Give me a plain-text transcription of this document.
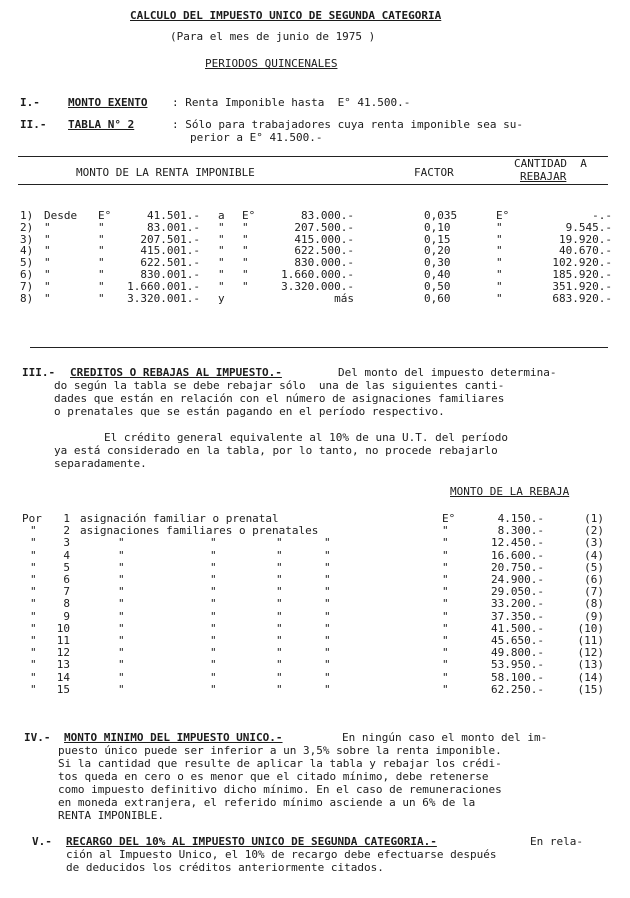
CALCULO DEL IMPUESTO UNICO DE SEGUNDA CATEGORIA
(Para el mes de junio de 1975 )
PERIODOS QUINCENALES
I.-	MONTO EXENTO : Renta Imponible hasta  E° 41.500.-
II.- TABLA N° 2	: Sólo para trabajadores cuya renta imponible sea su-
perior a E° 41.500.-
MONTO DE LA RENTA IMPONIBLE	FACTOR
CANTIDAD  A
REBAJAR
1) Desde	E°	41.501.- a	E°	83.000.-	0,035	E°	-.-
2) "	"	83.001.- "	"	207.500.-	0,10	"	9.545.-
3) "	"	207.501.- "	"	415.000.-	0,15	"	19.920.-
4) "	"	415.001.- "	"	622.500.-	0,20	"	40.670.-
5) "	"	622.501.- "	"	830.000.-	0,30	"	102.920.-
6) "	"	830.001.- "	"	1.660.000.-	0,40	"	185.920.-
7) "	"	1.660.001.- "	"	3.320.000.-	0,50	"	351.920.-
8) "	"	3.320.001.- y	más	0,60	"	683.920.-
III.- CREDITOS O REBAJAS AL IMPUESTO.-	Del monto del impuesto determina-
do según la tabla se debe rebajar sólo  una de las siguientes canti-
dades que están en relación con el número de asignaciones familiares
o prenatales que se están pagando en el período respectivo.
El crédito general equivalente al 10% de una U.T. del período
ya está considerado en la tabla, por lo tanto, no procede rebajarlo
separadamente.
MONTO DE LA REBAJA
Por	1 asignación familiar o prenatal	E°	4.150.-	(1)
"	2 asignaciones familiares o prenatales	"	8.300.-	(2)
"	3	"	"	"	"	"	12.450.-	(3)
"	4	"	"	"	"	"	16.600.-	(4)
"	5	"	"	"	"	"	20.750.-	(5)
"	6	"	"	"	"	"	24.900.-	(6)
"	7	"	"	"	"	"	29.050.-	(7)
"	8	"	"	"	"	"	33.200.-	(8)
"	9	"	"	"	"	"	37.350.-	(9)
"	10	"	"	"	"	"	41.500.-	(10)
"	11	"	"	"	"	"	45.650.-	(11)
"	12	"	"	"	"	"	49.800.-	(12)
"	13	"	"	"	"	"	53.950.-	(13)
"	14	"	"	"	"	"	58.100.-	(14)
"	15	"	"	"	"	"	62.250.-	(15)
IV.- MONTO MINIMO DEL IMPUESTO UNICO.-	En ningún caso el monto del im-
puesto único puede ser inferior a un 3,5% sobre la renta imponible.
Si la cantidad que resulte de aplicar la tabla y rebajar los crédi-
tos queda en cero o es menor que el citado mínimo, debe retenerse
como impuesto definitivo dicho mínimo. En el caso de remuneraciones
en moneda extranjera, el referido mínimo asciende a un 6% de la
RENTA IMPONIBLE.
V.- RECARGO DEL 10% AL IMPUESTO UNICO DE SEGUNDA CATEGORIA.-	En rela-
ción al Impuesto Unico, el 10% de recargo debe efectuarse después
de deducidos los créditos anteriormente citados.
